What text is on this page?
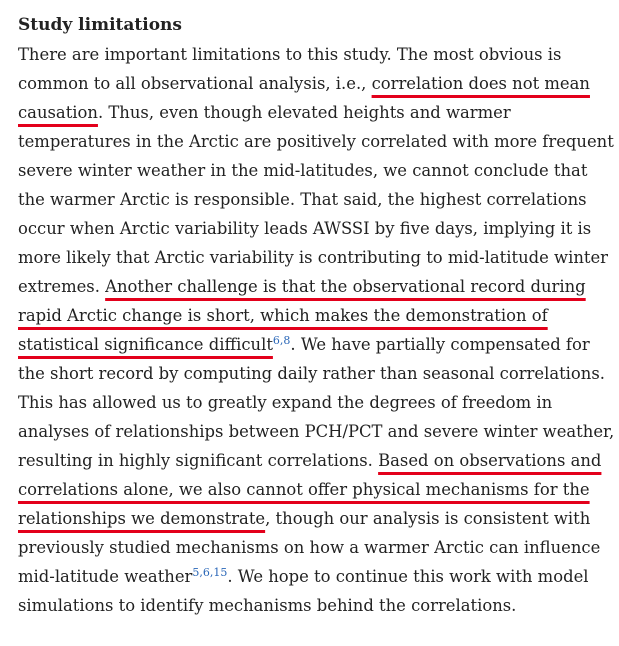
Study limitations

There are important limitations to this study. The most obvious is
common to all observational analysis, i.e., correlation does not mean
causation. Thus, even though elevated heights and warmer
temperatures in the Arctic are positively correlated with more frequent
severe winter weather in the mid-latitudes, we cannot conclude that
the warmer Arctic is responsible. That said, the highest correlations
occur when Arctic variability leads AWSSI by five days, implying it is
more likely that Arctic variability is contributing to mid-latitude winter
extremes. Another challenge is that the observational record during
rapid Arctic change is short, which makes the demonstration of
statistical significance difficult$^{6,8}$. We have partially compensated for
the short record by computing daily rather than seasonal correlations.
This has allowed us to greatly expand the degrees of freedom in
analyses of relationships between PCH/PCT and severe winter weather,
resulting in highly significant correlations. Based on observations and
correlations alone, we also cannot offer physical mechanisms for the
relationships we demonstrate, though our analysis is consistent with
previously studied mechanisms on how a warmer Arctic can influence
mid-latitude weather$^{5,6,15}$. We hope to continue this work with model
simulations to identify mechanisms behind the correlations.
